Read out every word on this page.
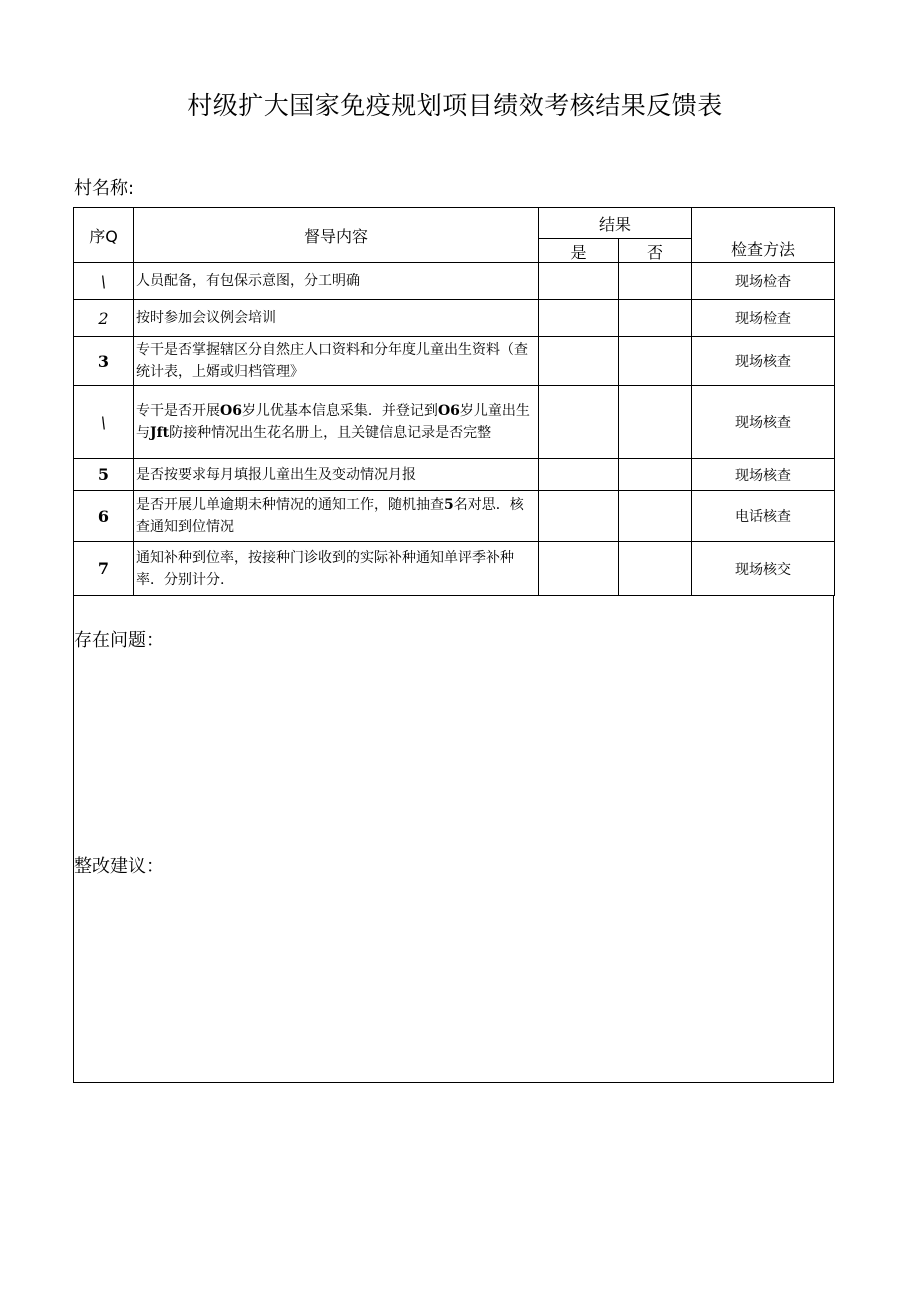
村级扩大国家免疫规划项目绩效考核结果反馈表
村名称:
序Q	督导内容	结果		检查方法
		是	否	
\	人员配备，有包保示意图，分工明确			现场检杳
2	按时参加会议例会培训			现场检查
3	专干是否掌握辖区分自然庄人口资料和分年度儿童出生资料（查统计表，上婿或归档管理》			现场核查
\	专干是否开展O6岁儿优基本信息采集．并登记到O6岁儿童出生与Jft防接种情况出生花名册上，且关键信息记录是否完整			现场核查
5	是否按要求每月填报儿童出生及变动情况月报			现场核查
6	是否开展儿单逾期未种情况的通知工作，随机抽查5名对思．核查通知到位情况			电话核查
7	通知补种到位率，按接种门诊收到的实际补种通知单评季补种率．分别计分.			现场核交
存在问题：
整改建议：
